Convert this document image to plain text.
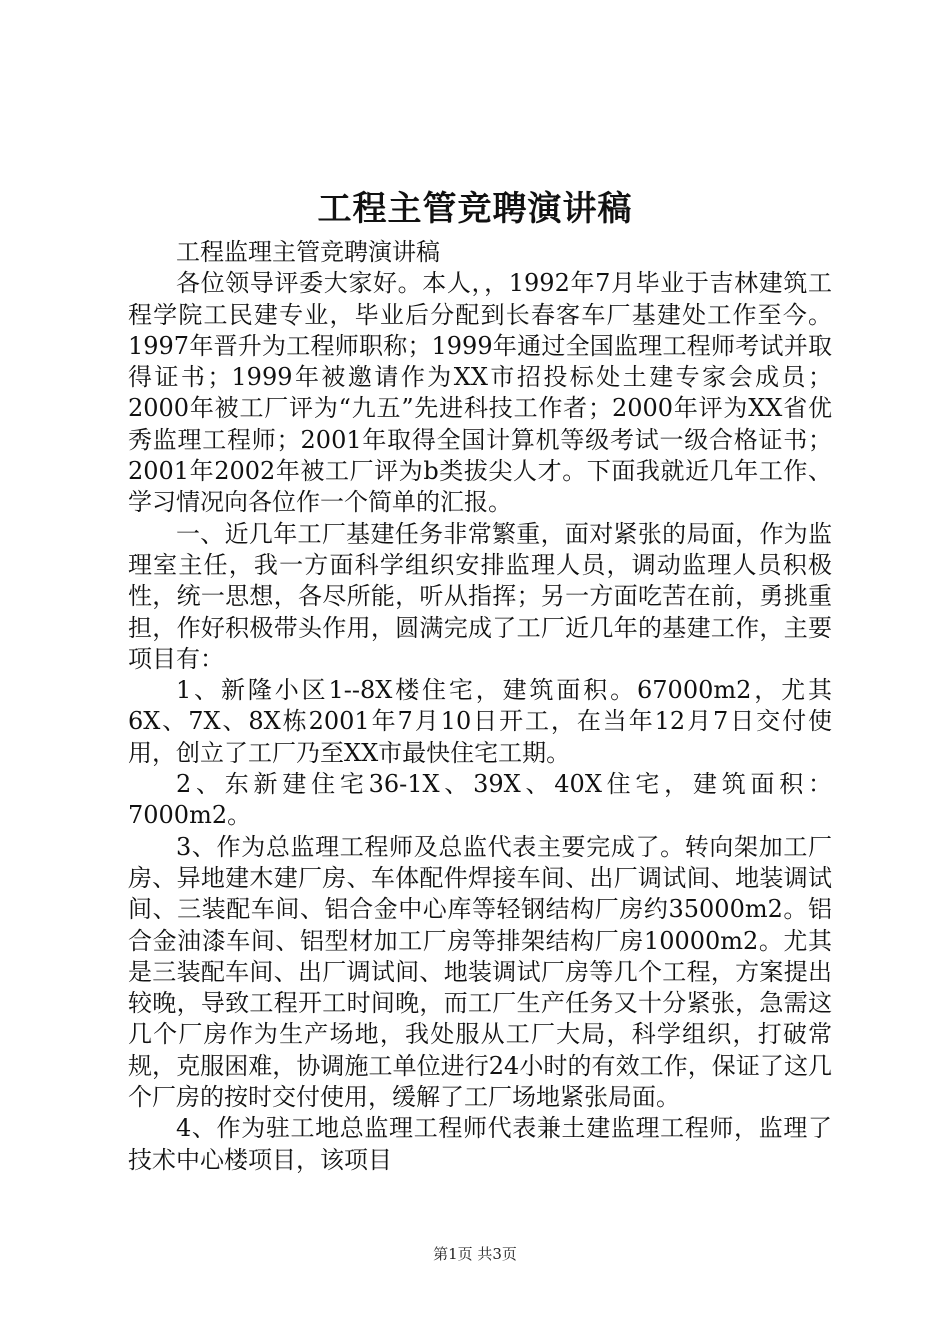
工程主管竞聘演讲稿

工程监理主管竞聘演讲稿

各位领导评委大家好。本人，，1992年7月毕业于吉林建筑工程学院工民建专业，毕业后分配到长春客车厂基建处工作至今。1997年晋升为工程师职称；1999年通过全国监理工程师考试并取得证书；1999年被邀请作为XX市招投标处土建专家会成员；2000年被工厂评为“九五”先进科技工作者；2000年评为XX省优秀监理工程师；2001年取得全国计算机等级考试一级合格证书；2001年2002年被工厂评为b类拔尖人才。下面我就近几年工作、学习情况向各位作一个简单的汇报。

一、近几年工厂基建任务非常繁重，面对紧张的局面，作为监理室主任，我一方面科学组织安排监理人员，调动监理人员积极性，统一思想，各尽所能，听从指挥；另一方面吃苦在前，勇挑重担，作好积极带头作用，圆满完成了工厂近几年的基建工作，主要项目有：

1、新隆小区1--8X楼住宅，建筑面积。67000m2，尤其6X、7X、8X栋2001年7月10日开工，在当年12月7日交付使用，创立了工厂乃至XX市最快住宅工期。

2、东新建住宅36-1X、39X、40X住宅，建筑面积：7000m2。

3、作为总监理工程师及总监代表主要完成了。转向架加工厂房、异地建木建厂房、车体配件焊接车间、出厂调试间、地装调试间、三装配车间、铝合金中心库等轻钢结构厂房约35000m2。铝合金油漆车间、铝型材加工厂房等排架结构厂房10000m2。尤其是三装配车间、出厂调试间、地装调试厂房等几个工程，方案提出较晚，导致工程开工时间晚，而工厂生产任务又十分紧张，急需这几个厂房作为生产场地，我处服从工厂大局，科学组织，打破常规，克服困难，协调施工单位进行24小时的有效工作，保证了这几个厂房的按时交付使用，缓解了工厂场地紧张局面。

4、作为驻工地总监理工程师代表兼土建监理工程师，监理了技术中心楼项目，该项目

第1页 共3页
